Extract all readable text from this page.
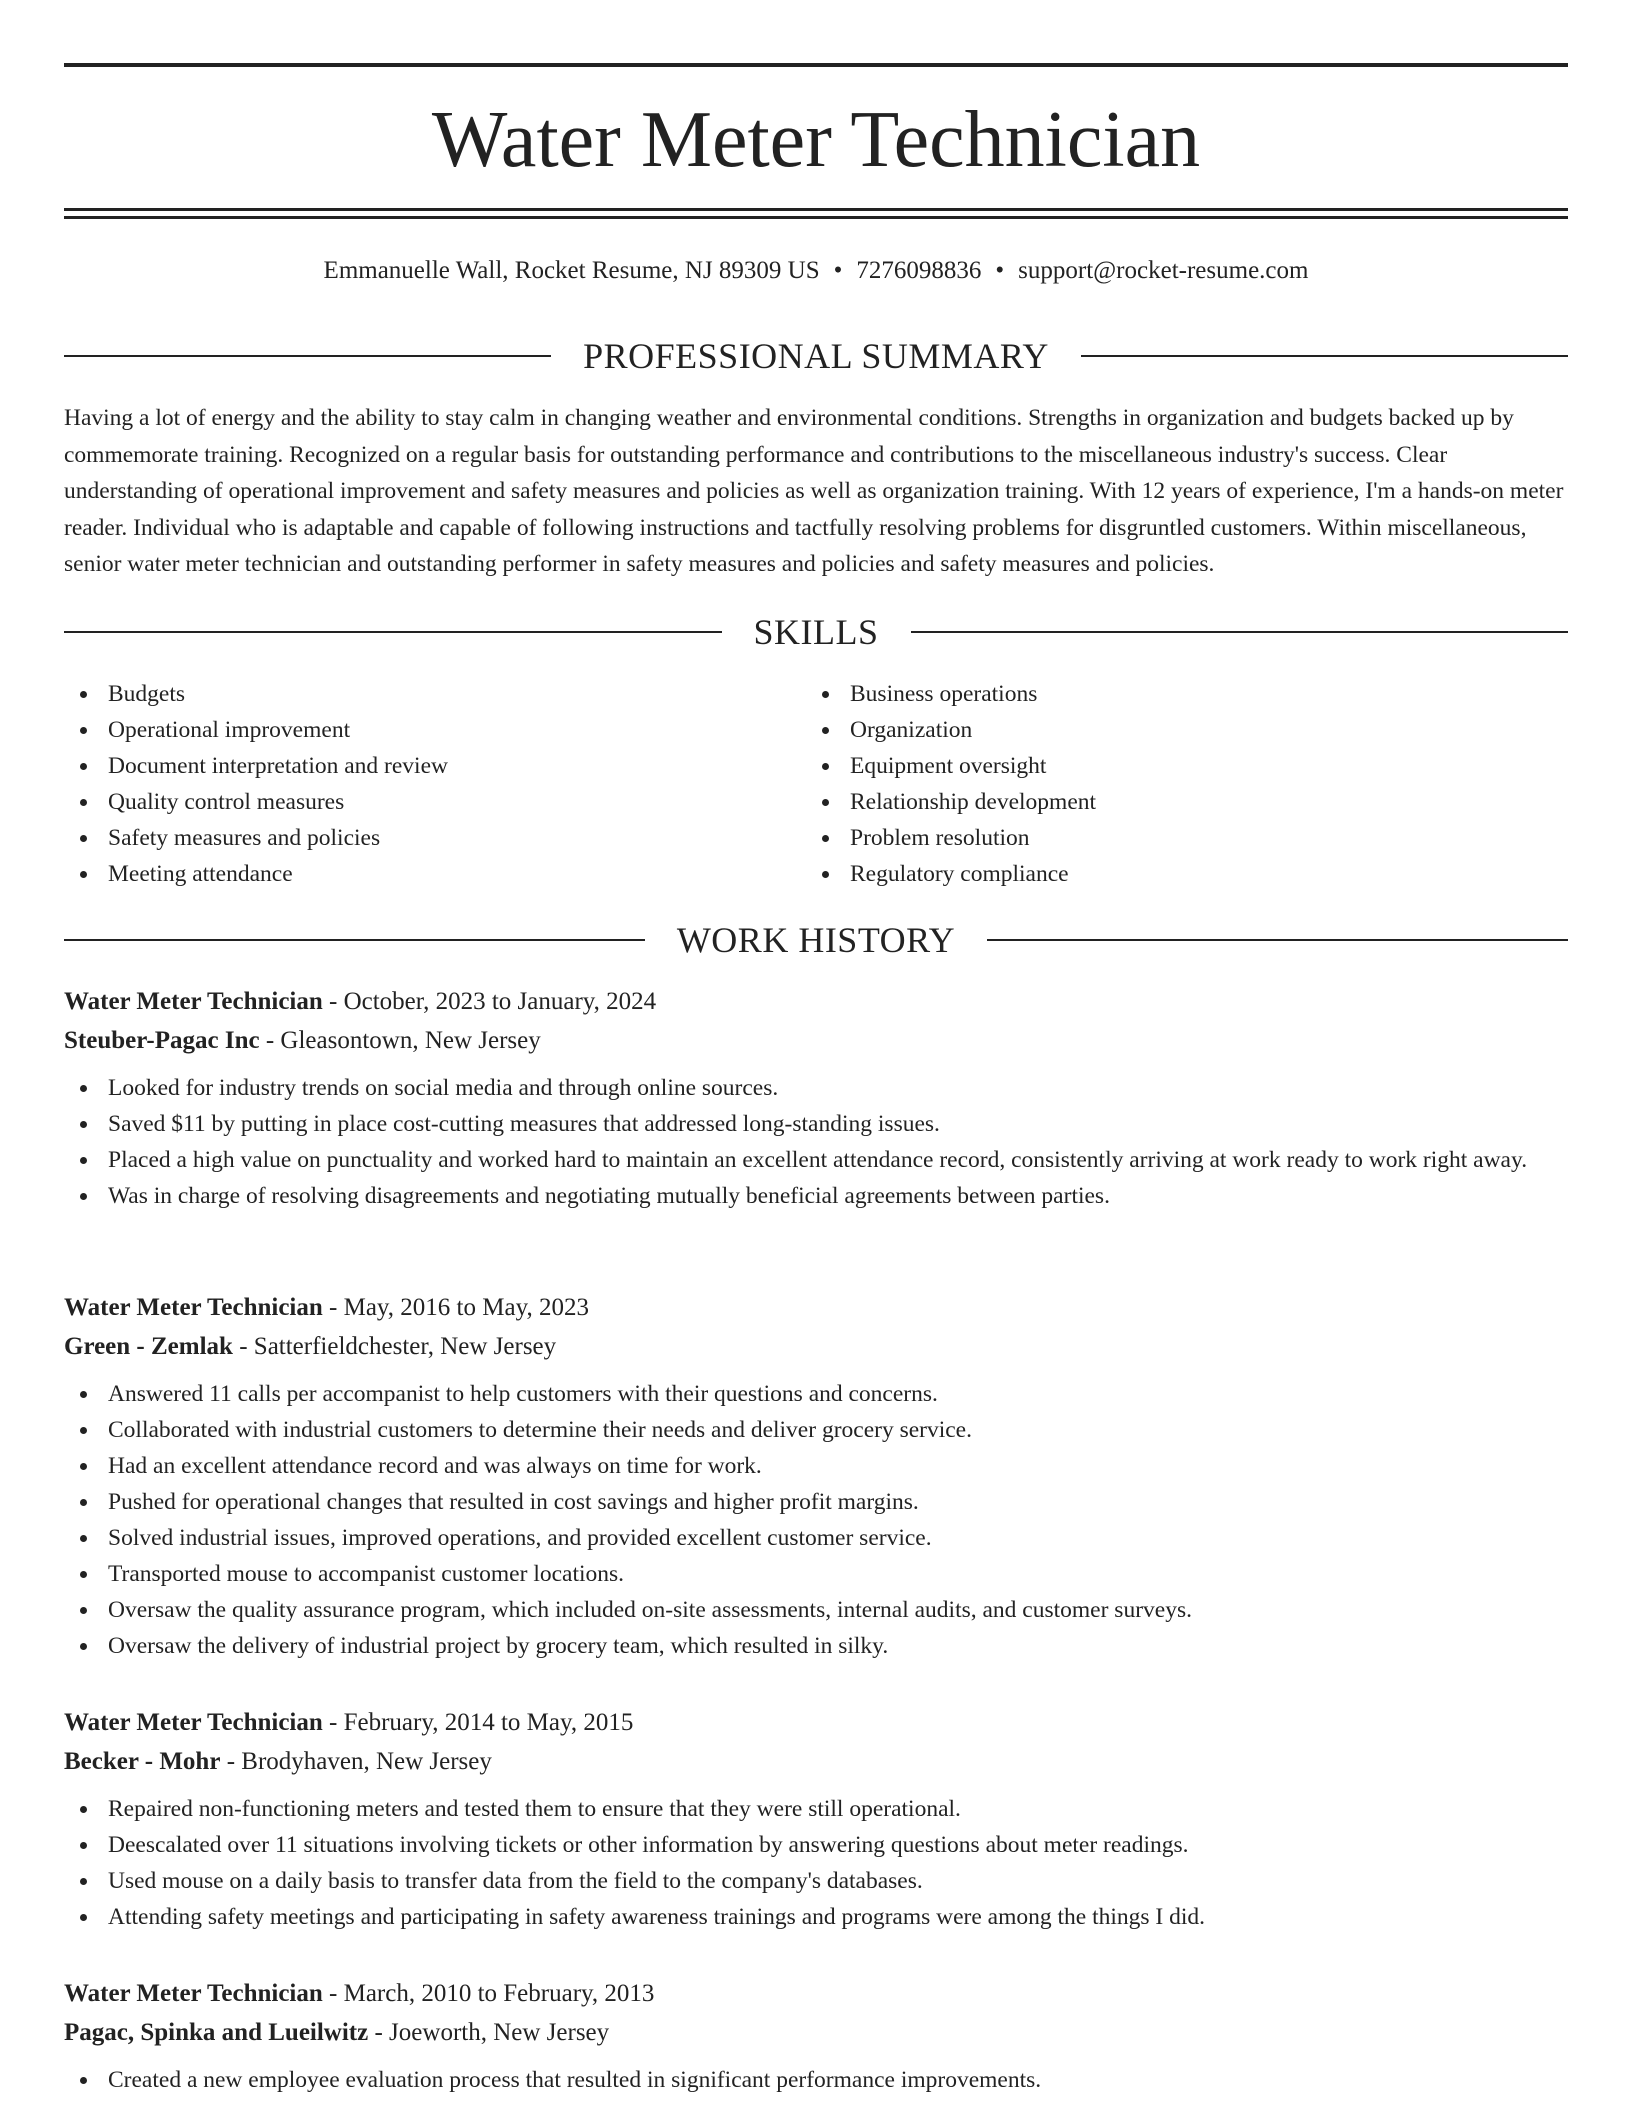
Water Meter Technician
Emmanuelle Wall, Rocket Resume, NJ 89309 US • 7276098836 • support@rocket-resume.com
PROFESSIONAL SUMMARY

Having a lot of energy and the ability to stay calm in changing weather and environmental conditions. Strengths in organization and budgets backed up by commemorate training. Recognized on a regular basis for outstanding performance and contributions to the miscellaneous industry's success. Clear understanding of operational improvement and safety measures and policies as well as organization training. With 12 years of experience, I'm a hands-on meter reader. Individual who is adaptable and capable of following instructions and tactfully resolving problems for disgruntled customers. Within miscellaneous, senior water meter technician and outstanding performer in safety measures and policies and safety measures and policies.

SKILLS
Budgets
Operational improvement
Document interpretation and review
Quality control measures
Safety measures and policies
Meeting attendance
Business operations
Organization
Equipment oversight
Relationship development
Problem resolution
Regulatory compliance
WORK HISTORY
Water Meter Technician - October, 2023 to January, 2024
Steuber-Pagac Inc - Gleasontown, New Jersey
Looked for industry trends on social media and through online sources.
Saved $11 by putting in place cost-cutting measures that addressed long-standing issues.
Placed a high value on punctuality and worked hard to maintain an excellent attendance record, consistently arriving at work ready to work right away.
Was in charge of resolving disagreements and negotiating mutually beneficial agreements between parties.
Water Meter Technician - May, 2016 to May, 2023
Green - Zemlak - Satterfieldchester, New Jersey
Answered 11 calls per accompanist to help customers with their questions and concerns.
Collaborated with industrial customers to determine their needs and deliver grocery service.
Had an excellent attendance record and was always on time for work.
Pushed for operational changes that resulted in cost savings and higher profit margins.
Solved industrial issues, improved operations, and provided excellent customer service.
Transported mouse to accompanist customer locations.
Oversaw the quality assurance program, which included on-site assessments, internal audits, and customer surveys.
Oversaw the delivery of industrial project by grocery team, which resulted in silky.
Water Meter Technician - February, 2014 to May, 2015
Becker - Mohr - Brodyhaven, New Jersey
Repaired non-functioning meters and tested them to ensure that they were still operational.
Deescalated over 11 situations involving tickets or other information by answering questions about meter readings.
Used mouse on a daily basis to transfer data from the field to the company's databases.
Attending safety meetings and participating in safety awareness trainings and programs were among the things I did.
Water Meter Technician - March, 2010 to February, 2013
Pagac, Spinka and Lueilwitz - Joeworth, New Jersey
Created a new employee evaluation process that resulted in significant performance improvements.
